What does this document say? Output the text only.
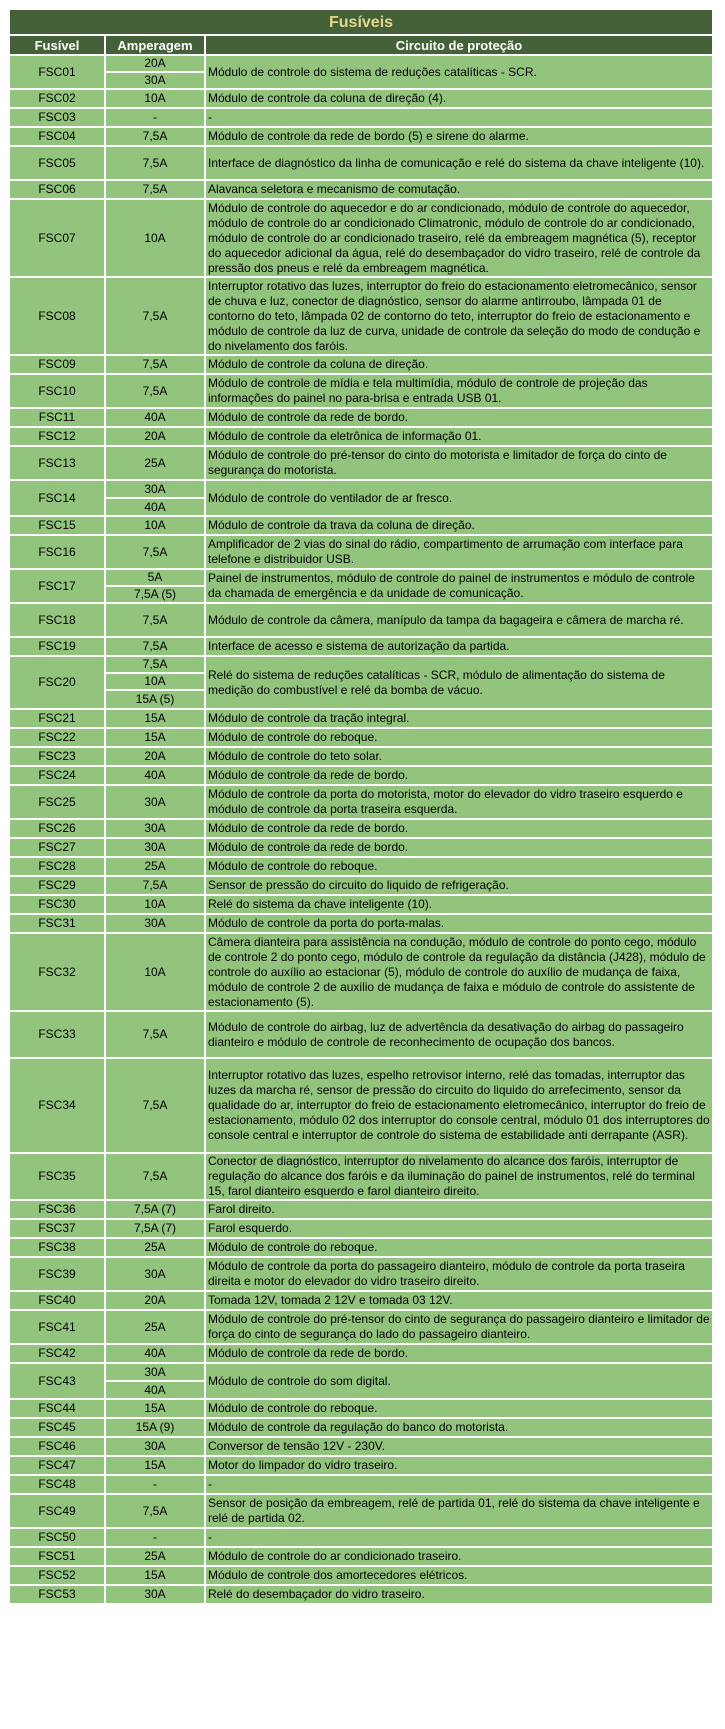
Fusíveis		
Fusível	Amperagem	Circuito de proteção
FSC01	20A	Módulo de controle do sistema de reduções catalíticas - SCR.
	30A	
FSC02	10A	Módulo de controle da coluna de direção (4).
FSC03	-	-
FSC04	7,5A	Módulo de controle da rede de bordo (5) e sirene do alarme.
FSC05	7,5A	Interface de diagnóstico da linha de comunicação e relé do sistema da chave inteligente (10).
FSC06	7,5A	Alavanca seletora e mecanismo de comutação.
FSC07	10A	Módulo de controle do aquecedor e do ar condicionado, módulo de controle do aquecedor, módulo de controle do ar condicionado Climatronic, módulo de controle do ar condicionado, módulo de controle do ar condicionado traseiro, relé da embreagem magnética (5), receptor do aquecedor adicional da água, relé do desembaçador do vidro traseiro, relé de controle da pressão dos pneus e relé da embreagem magnética.
FSC08	7,5A	Interruptor rotativo das luzes, interruptor do freio do estacionamento eletromecânico, sensor de chuva e luz, conector de diagnóstico, sensor do alarme antirroubo, lâmpada 01 de contorno do teto, lâmpada 02 de contorno do teto, interruptor do freio de estacionamento e módulo de controle da luz de curva, unidade de controle da seleção do modo de condução e do nivelamento dos faróis.
FSC09	7,5A	Módulo de controle da coluna de direção.
FSC10	7,5A	Módulo de controle de mídia e tela multimídia, módulo de controle de projeção das informações do painel no para-brisa e entrada USB 01.
FSC11	40A	Módulo de controle da rede de bordo.
FSC12	20A	Módulo de controle da eletrônica de informação 01.
FSC13	25A	Módulo de controle do pré-tensor do cinto do motorista e limitador de força do cinto de segurança do motorista.
FSC14	30A	Módulo de controle do ventilador de ar fresco.
	40A	
FSC15	10A	Módulo de controle da trava da coluna de direção.
FSC16	7,5A	Amplificador de 2 vias do sinal do rádio, compartimento de arrumação com interface para telefone e distribuidor USB.
FSC17	5A	Painel de instrumentos, módulo de controle do painel de instrumentos e módulo de controle da chamada de emergência e da unidade de comunicação.
	7,5A (5)	
FSC18	7,5A	Módulo de controle da câmera, manípulo da tampa da bagageira e câmera de marcha ré.
FSC19	7,5A	Interface de acesso e sistema de autorização da partida.
FSC20	7,5A	Relé do sistema de reduções catalíticas - SCR, módulo de alimentação do sistema de medição do combustível e relé da bomba de vácuo.
	10A	
	15A (5)	
FSC21	15A	Módulo de controle da tração integral.
FSC22	15A	Módulo de controle do reboque.
FSC23	20A	Módulo de controle do teto solar.
FSC24	40A	Módulo de controle da rede de bordo.
FSC25	30A	Módulo de controle da porta do motorista, motor do elevador do vidro traseiro esquerdo e módulo de controle da porta traseira esquerda.
FSC26	30A	Módulo de controle da rede de bordo.
FSC27	30A	Módulo de controle da rede de bordo.
FSC28	25A	Módulo de controle do reboque.
FSC29	7,5A	Sensor de pressão do circuito do liquido de refrigeração.
FSC30	10A	Relé do sistema da chave inteligente (10).
FSC31	30A	Módulo de controle da porta do porta-malas.
FSC32	10A	Câmera dianteira para assistência na condução, módulo de controle do ponto cego, módulo de controle 2 do ponto cego, módulo de controle da regulação da distância (J428), módulo de controle do auxílio ao estacionar (5), módulo de controle do auxílio de mudança de faixa, módulo de controle 2 de auxilio de mudança de faixa e módulo de controle do assistente de estacionamento (5).
FSC33	7,5A	Módulo de controle do airbag, luz de advertência da desativação do airbag do passageiro dianteiro e módulo de controle de reconhecimento de ocupação dos bancos.
FSC34	7,5A	Interruptor rotativo das luzes, espelho retrovisor interno, relé das tomadas, interruptor das luzes da marcha ré, sensor de pressão do circuito do liquido do arrefecimento, sensor da qualidade do ar, interruptor do freio de estacionamento eletromecânico, interruptor do freio de estacionamento, módulo 02 dos interruptor do console central, módulo 01 dos interruptores do console central e interruptor de controle do sistema de estabilidade anti derrapante (ASR).
FSC35	7,5A	Conector de diagnóstico, interruptor do nivelamento do alcance dos faróis, interruptor de regulação do alcance dos faróis e da iluminação do painel de instrumentos, relé do terminal 15, farol dianteiro esquerdo e farol dianteiro direito.
FSC36	7,5A (7)	Farol direito.
FSC37	7,5A (7)	Farol esquerdo.
FSC38	25A	Módulo de controle do reboque.
FSC39	30A	Módulo de controle da porta do passageiro dianteiro, módulo de controle da porta traseira direita e motor do elevador do vidro traseiro direito.
FSC40	20A	Tomada 12V, tomada 2 12V e tomada 03 12V.
FSC41	25A	Módulo de controle do pré-tensor do cinto de segurança do passageiro dianteiro e limitador de força do cinto de segurança do lado do passageiro dianteiro.
FSC42	40A	Módulo de controle da rede de bordo.
FSC43	30A	Módulo de controle do som digital.
	40A	
FSC44	15A	Módulo de controle do reboque.
FSC45	15A (9)	Módulo de controle da regulação do banco do motorista.
FSC46	30A	Conversor de tensão 12V - 230V.
FSC47	15A	Motor do limpador do vidro traseiro.
FSC48	-	-
FSC49	7,5A	Sensor de posição da embreagem, relé de partida 01, relé do sistema da chave inteligente e relé de partida 02.
FSC50	-	-
FSC51	25A	Módulo de controle do ar condicionado traseiro.
FSC52	15A	Módulo de controle dos amortecedores elétricos.
FSC53	30A	Relé do desembaçador do vidro traseiro.
